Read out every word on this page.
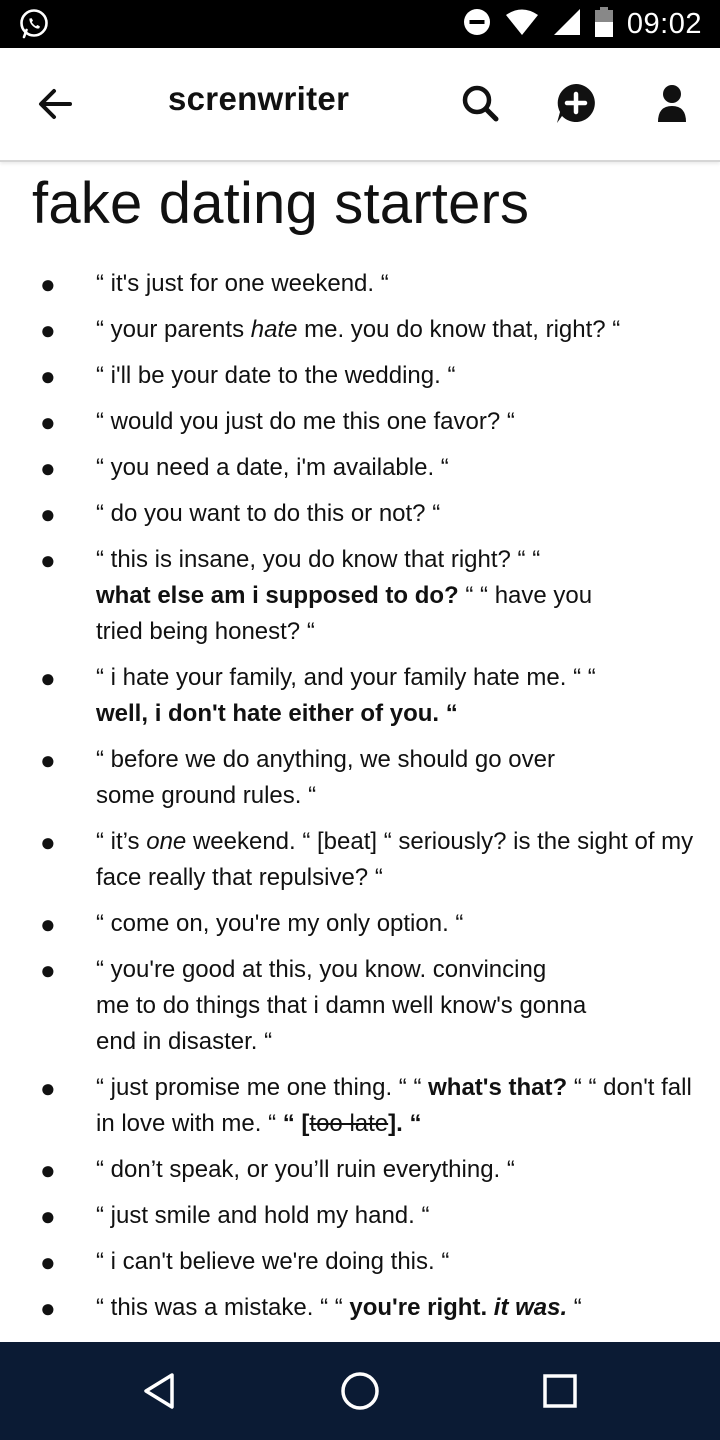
09:02
screnwriter
fake dating starters
● “ it's just for one weekend. “
● “ your parents hate me. you do know that, right? “
● “ i'll be your date to the wedding. “
● “ would you just do me this one favor? “
● “ you need a date, i'm available. “
● “ do you want to do this or not? “
● “ this is insane, you do know that right? “ “
what else am i supposed to do? “ “ have you
tried being honest? “
● “ i hate your family, and your family hate me. “ “
well, i don't hate either of you. “
● “ before we do anything, we should go over
some ground rules. “
● “ it’s one weekend. “ [beat] “ seriously? is the sight of my face really that repulsive? “
● “ come on, you're my only option. “
● “ you're good at this, you know. convincing
me to do things that i damn well know's gonna
end in disaster. “
● “ just promise me one thing. “ “ what's that? “ “ don't fall in love with me. “ “ [too late]. “
● “ don’t speak, or you’ll ruin everything. “
● “ just smile and hold my hand. “
● “ i can't believe we're doing this. “
● “ this was a mistake. “ “ you're right. it was. “
